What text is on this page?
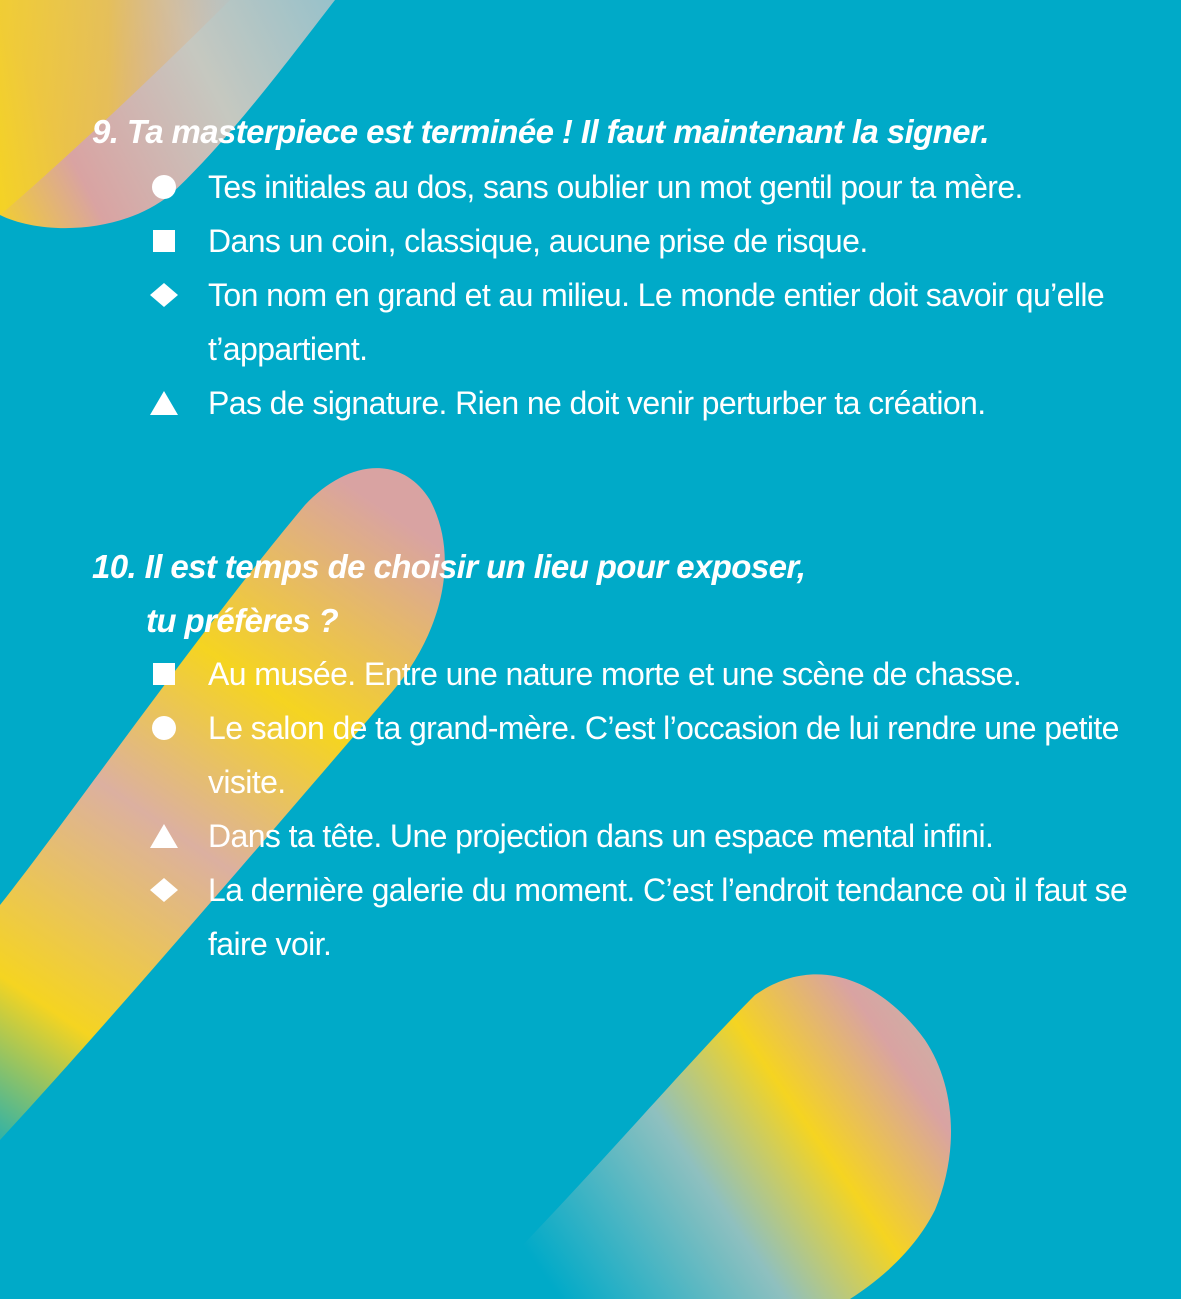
9. Ta masterpiece est terminée ! Il faut maintenant la signer.
Tes initiales au dos, sans oublier un mot gentil pour ta mère.
Dans un coin, classique, aucune prise de risque.
Ton nom en grand et au milieu. Le monde entier doit savoir qu’elle t’appartient.
Pas de signature. Rien ne doit venir perturber ta création.
10. Il est temps de choisir un lieu pour exposer,
tu préfères ?
Au musée. Entre une nature morte et une scène de chasse.
Le salon de ta grand-mère. C’est l’occasion de lui rendre une petite visite.
Dans ta tête. Une projection dans un espace mental infini.
La dernière galerie du moment. C’est l’endroit tendance où il faut se faire voir.
